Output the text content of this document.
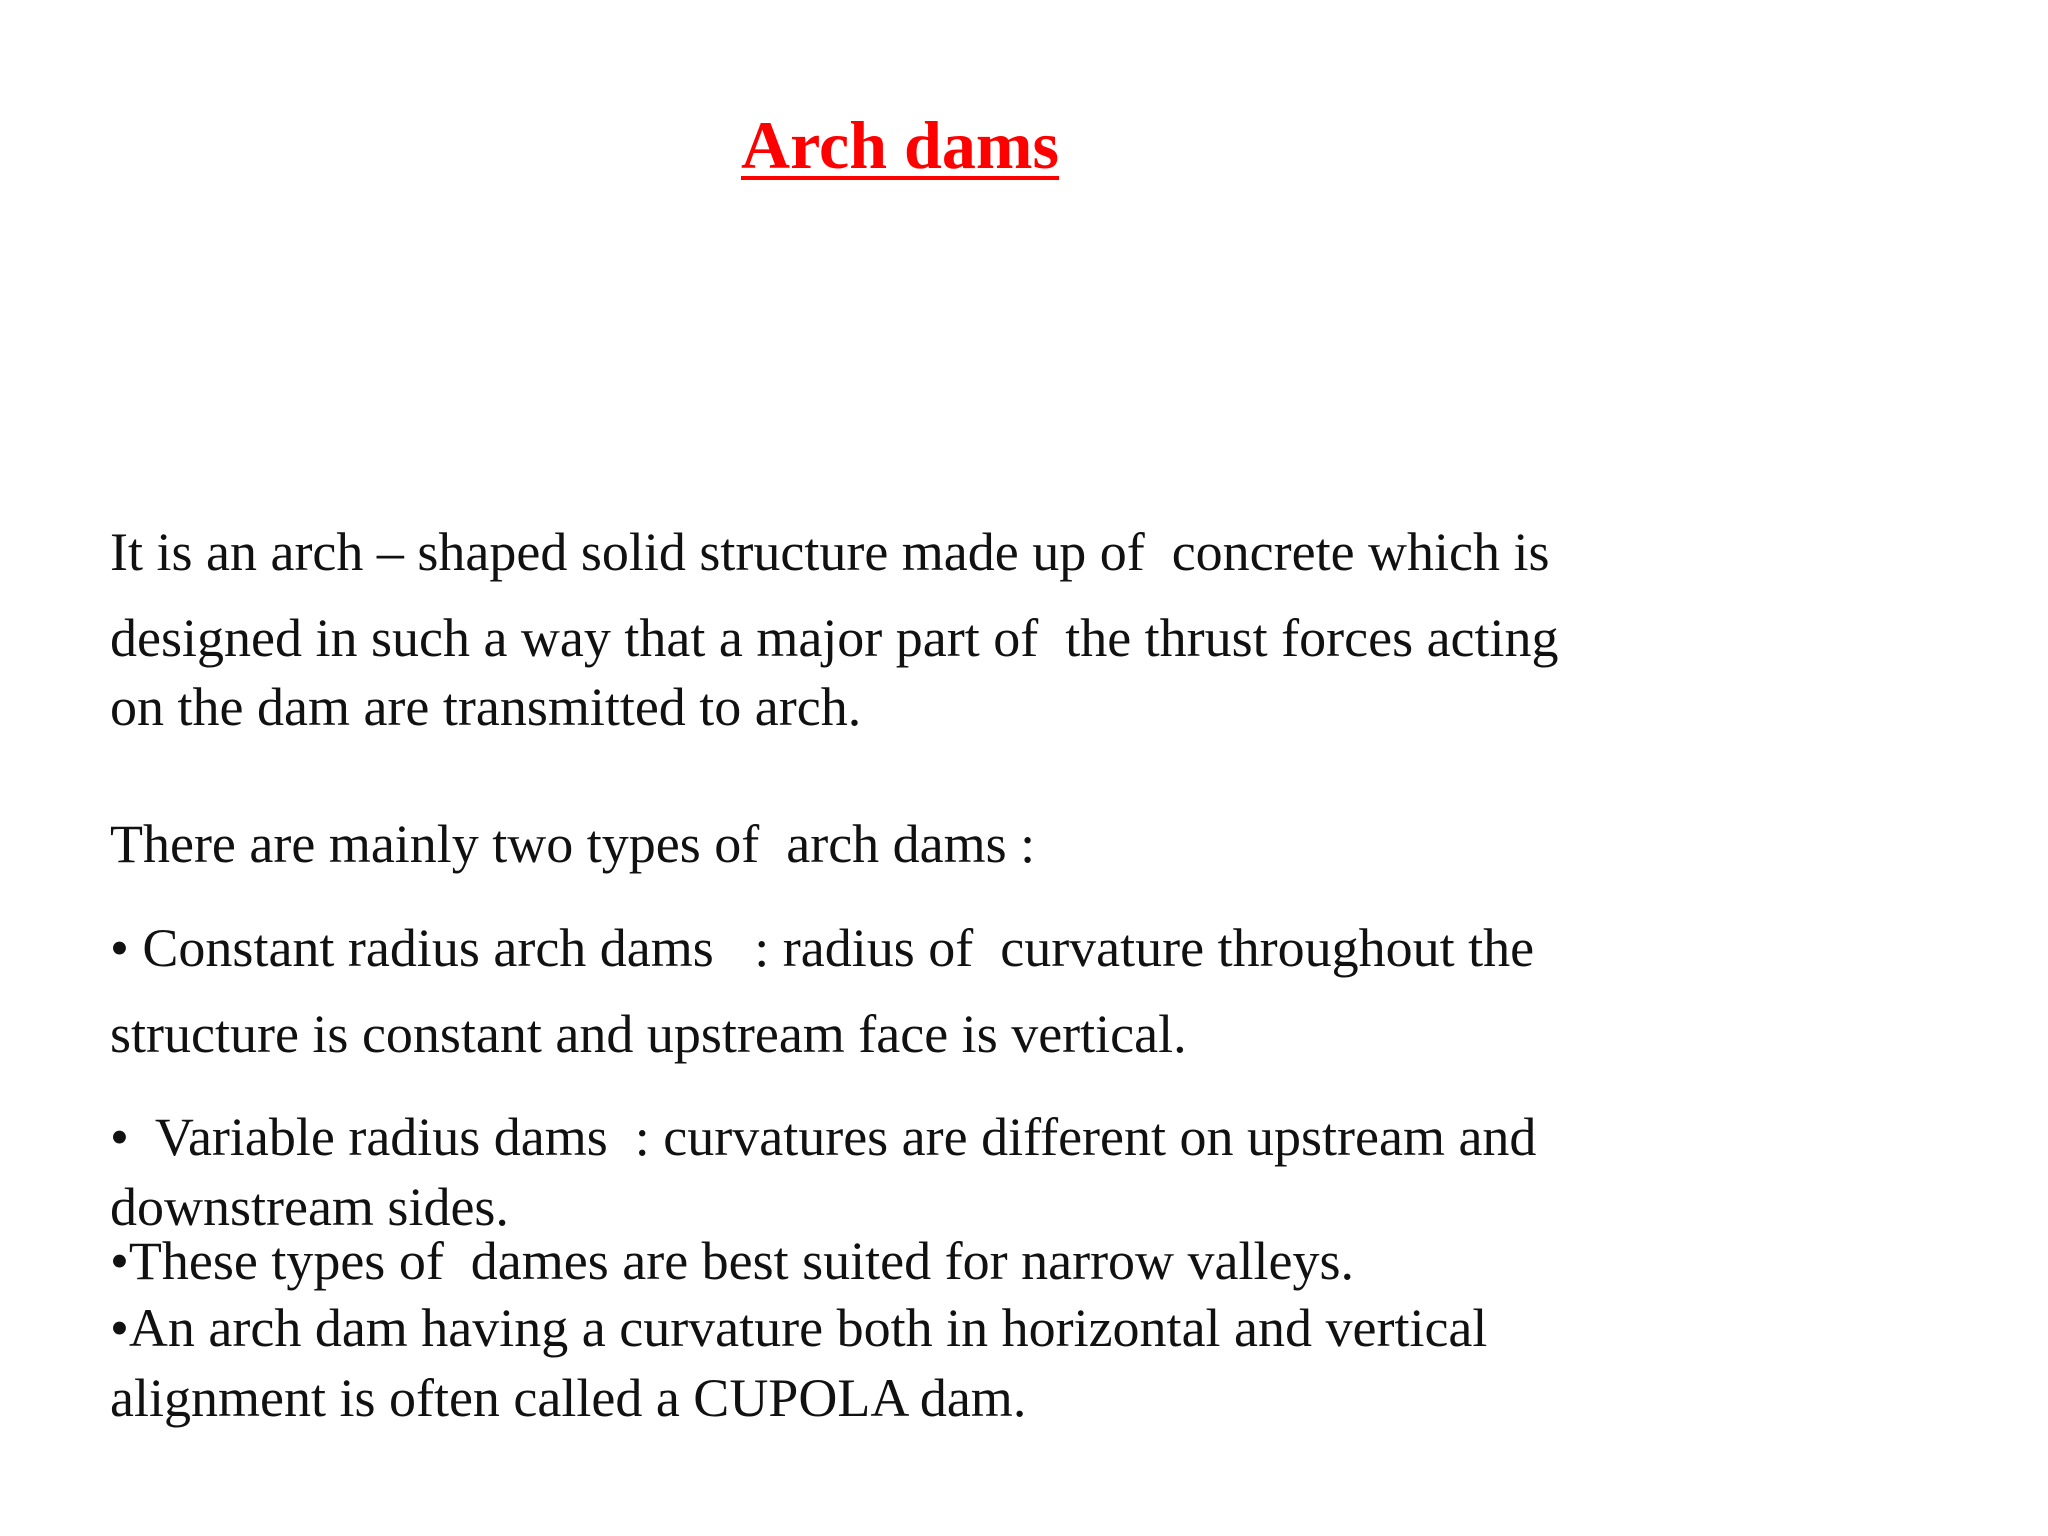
Arch dams
It is an arch – shaped solid structure made up of  concrete which is
designed in such a way that a major part of  the thrust forces acting
on the dam are transmitted to arch.
There are mainly two types of  arch dams :
• Constant radius arch dams   : radius of  curvature throughout the
structure is constant and upstream face is vertical.
•  Variable radius dams  : curvatures are different on upstream and
downstream sides.
•These types of  dames are best suited for narrow valleys.
•An arch dam having a curvature both in horizontal and vertical
alignment is often called a CUPOLA dam.
